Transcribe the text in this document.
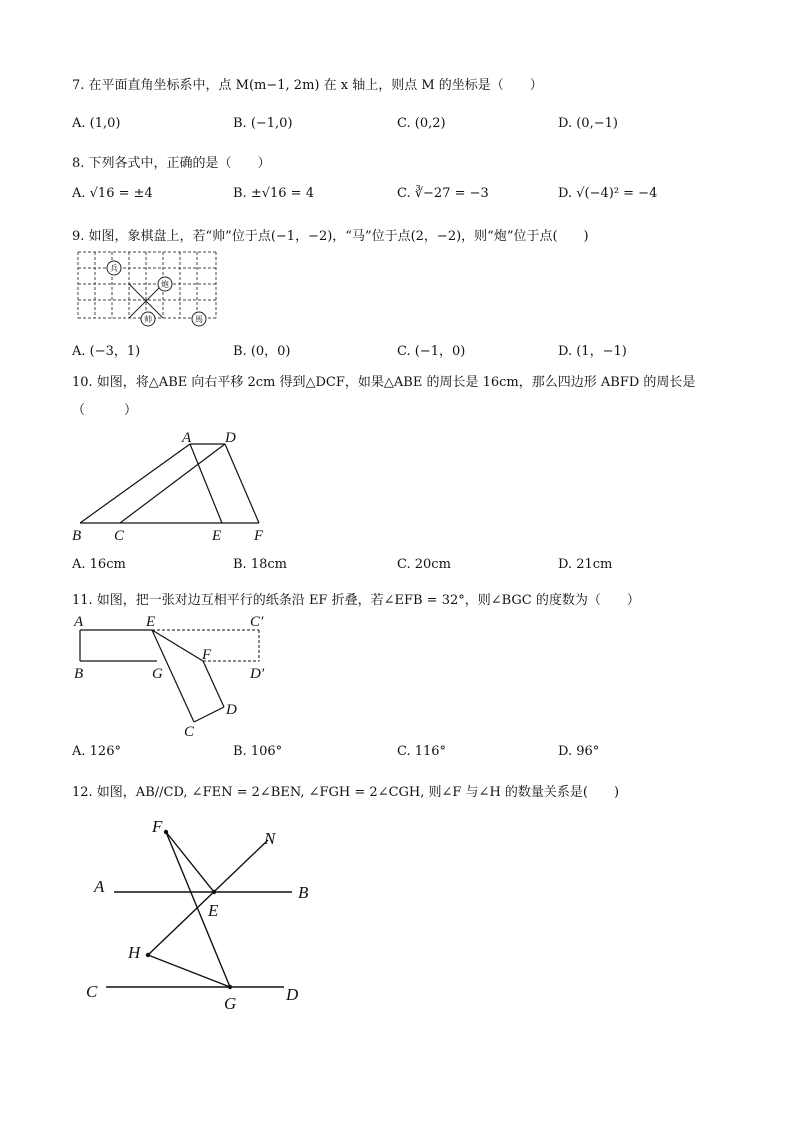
7. 在平面直角坐标系中，点 M(m−1, 2m) 在 x 轴上，则点 M 的坐标是（　　）
A. (1,0)	B. (−1,0)	C. (0,2)	D. (0,−1)
8. 下列各式中，正确的是（　　）
A. √16 = ±4	B. ±√16 = 4	C. ∛−27 = −3	D. √(−4)² = −4
9. 如图，象棋盘上，若“帅”位于点(−1，−2)，“马”位于点(2，−2)，则“炮”位于点(　　)
兵
炮
帅	馬
A. (−3，1)	B. (0，0)	C. (−1，0)	D. (1，−1)
10. 如图，将△ABE 向右平移 2cm 得到△DCF，如果△ABE 的周长是 16cm，那么四边形 ABFD 的周长是
（　　　）
A D
B C	E F
A. 16cm	B. 18cm	C. 20cm	D. 21cm
11. 如图，把一张对边互相平行的纸条沿 EF 折叠，若∠EFB = 32°，则∠BGC 的度数为（　　）
A	E	C′
F
B	G	D′
D
C
A. 126°	B. 106°	C. 116°	D. 96°
12. 如图，AB//CD, ∠FEN = 2∠BEN, ∠FGH = 2∠CGH, 则∠F 与∠H 的数量关系是(　　)
F
N
A	B
E
H
C	D
G
